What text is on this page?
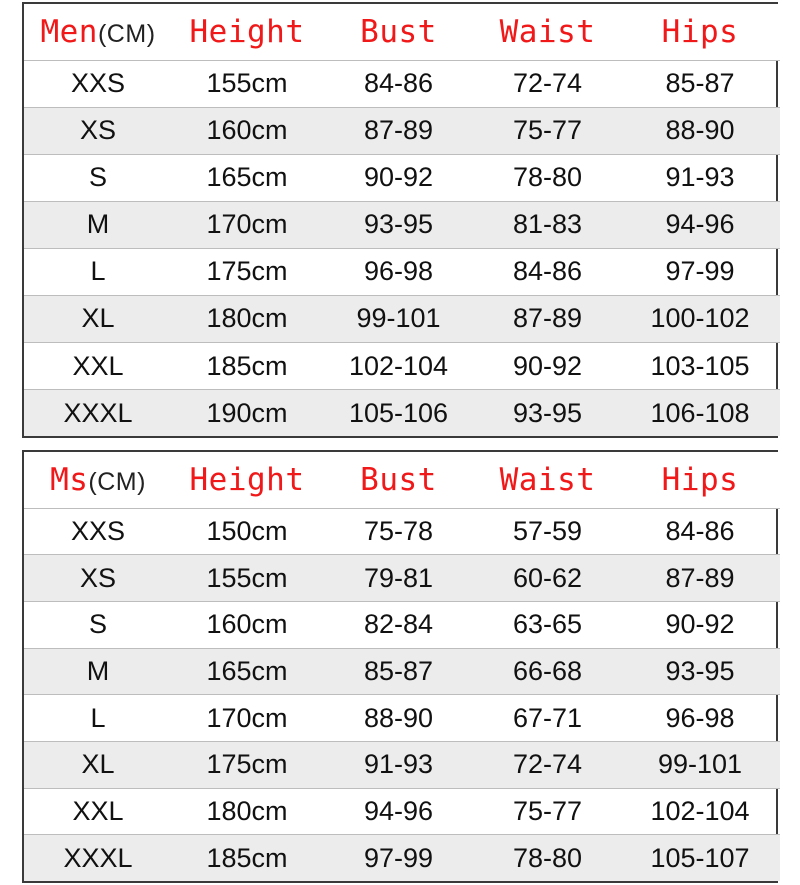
Men(CM)	Height	Bust	Waist	Hips
XXS	155cm	84-86	72-74	85-87
XS	160cm	87-89	75-77	88-90
S	165cm	90-92	78-80	91-93
M	170cm	93-95	81-83	94-96
L	175cm	96-98	84-86	97-99
XL	180cm	99-101	87-89	100-102
XXL	185cm	102-104	90-92	103-105
XXXL	190cm	105-106	93-95	106-108
Ms(CM)	Height	Bust	Waist	Hips
XXS	150cm	75-78	57-59	84-86
XS	155cm	79-81	60-62	87-89
S	160cm	82-84	63-65	90-92
M	165cm	85-87	66-68	93-95
L	170cm	88-90	67-71	96-98
XL	175cm	91-93	72-74	99-101
XXL	180cm	94-96	75-77	102-104
XXXL	185cm	97-99	78-80	105-107
